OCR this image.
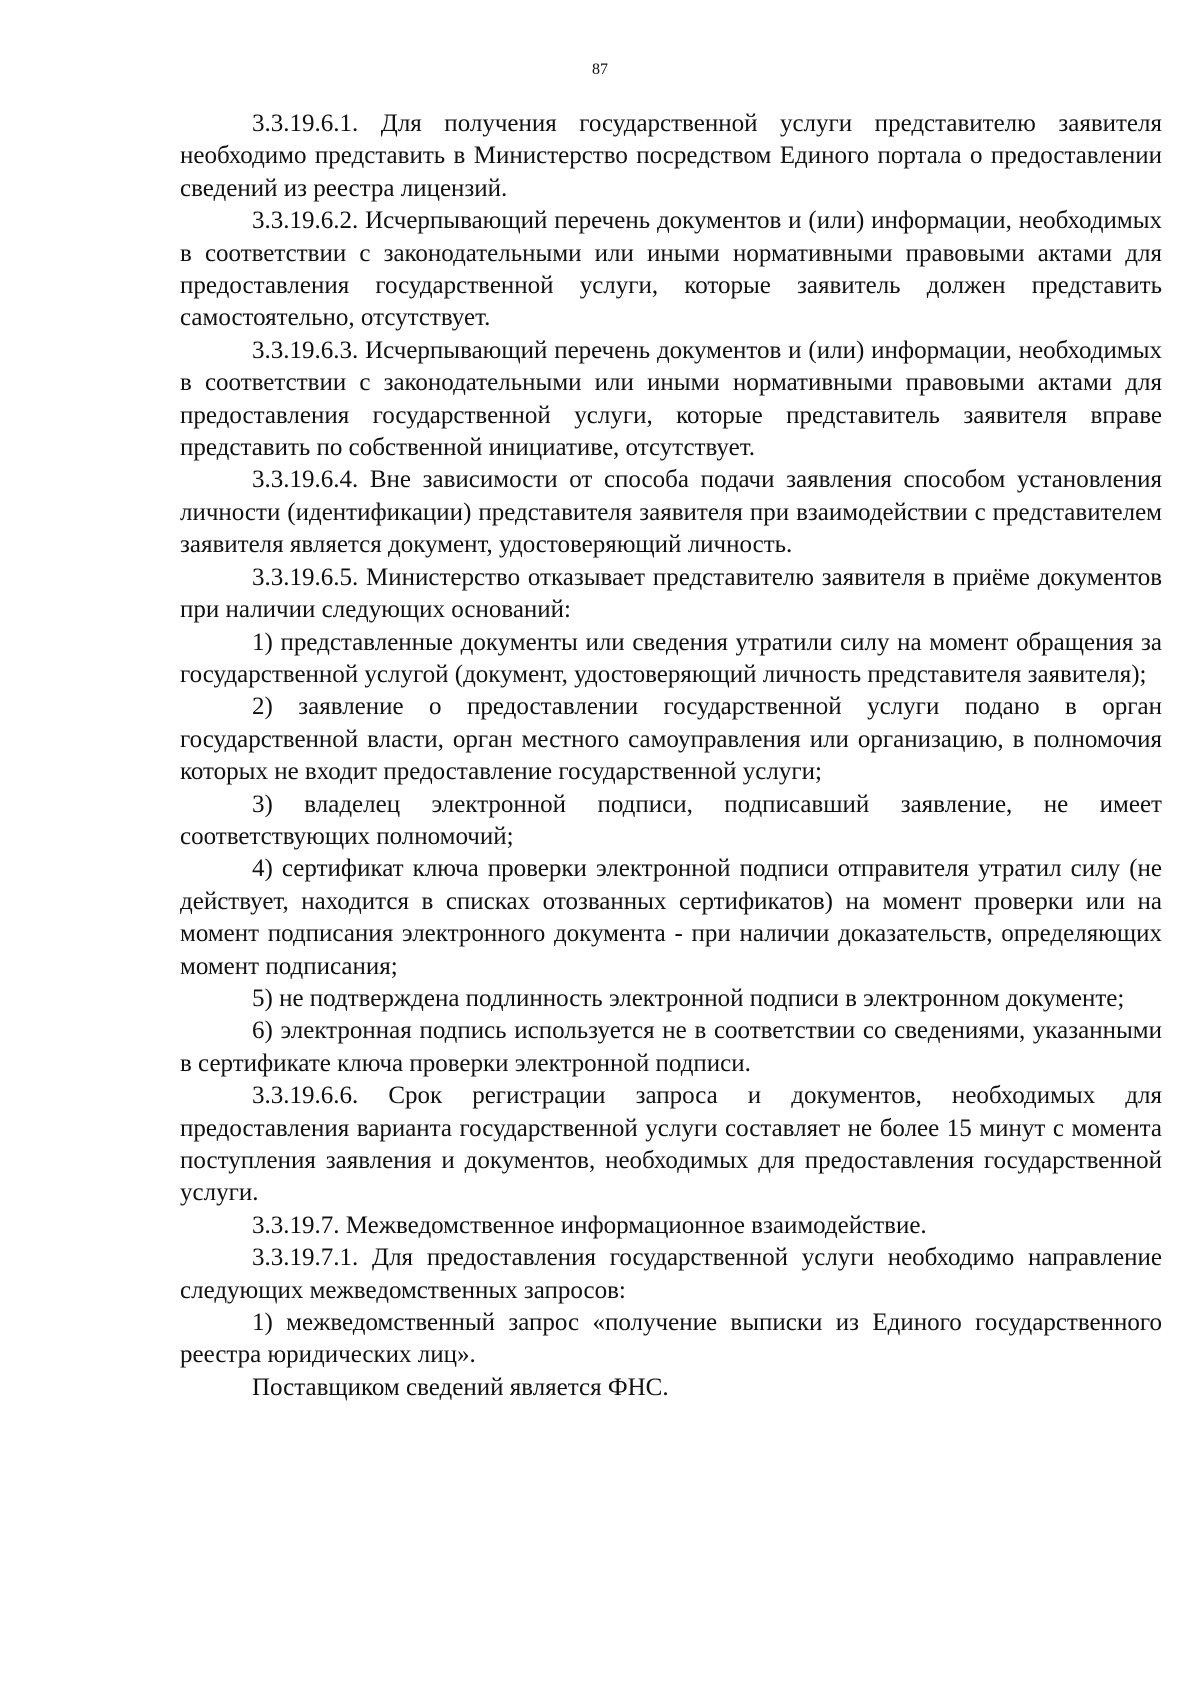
87

3.3.19.6.1. Для получения государственной услуги представителю заявителя необходимо представить в Министерство посредством Единого портала о предоставлении сведений из реестра лицензий.

3.3.19.6.2. Исчерпывающий перечень документов и (или) информации, необходимых в соответствии с законодательными или иными нормативными правовыми актами для предоставления государственной услуги, которые заявитель должен представить самостоятельно, отсутствует.

3.3.19.6.3. Исчерпывающий перечень документов и (или) информации, необходимых в соответствии с законодательными или иными нормативными правовыми актами для предоставления государственной услуги, которые представитель заявителя вправе представить по собственной инициативе, отсутствует.

3.3.19.6.4. Вне зависимости от способа подачи заявления способом установления личности (идентификации) представителя заявителя при взаимодействии с представителем заявителя является документ, удостоверяющий личность.

3.3.19.6.5. Министерство отказывает представителю заявителя в приёме документов при наличии следующих оснований:

1) представленные документы или сведения утратили силу на момент обращения за государственной услугой (документ, удостоверяющий личность представителя заявителя);

2) заявление о предоставлении государственной услуги подано в орган государственной власти, орган местного самоуправления или организацию, в полномочия которых не входит предоставление государственной услуги;

3) владелец электронной подписи, подписавший заявление, не имеет соответствующих полномочий;

4) сертификат ключа проверки электронной подписи отправителя утратил силу (не действует, находится в списках отозванных сертификатов) на момент проверки или на момент подписания электронного документа - при наличии доказательств, определяющих момент подписания;

5) не подтверждена подлинность электронной подписи в электронном документе;

6) электронная подпись используется не в соответствии со сведениями, указанными в сертификате ключа проверки электронной подписи.

3.3.19.6.6. Срок регистрации запроса и документов, необходимых для предоставления варианта государственной услуги составляет не более 15 минут с момента поступления заявления и документов, необходимых для предоставления государственной услуги.

3.3.19.7. Межведомственное информационное взаимодействие.

3.3.19.7.1. Для предоставления государственной услуги необходимо направление следующих межведомственных запросов:

1) межведомственный запрос «получение выписки из Единого государственного реестра юридических лиц».

Поставщиком сведений является ФНС.
